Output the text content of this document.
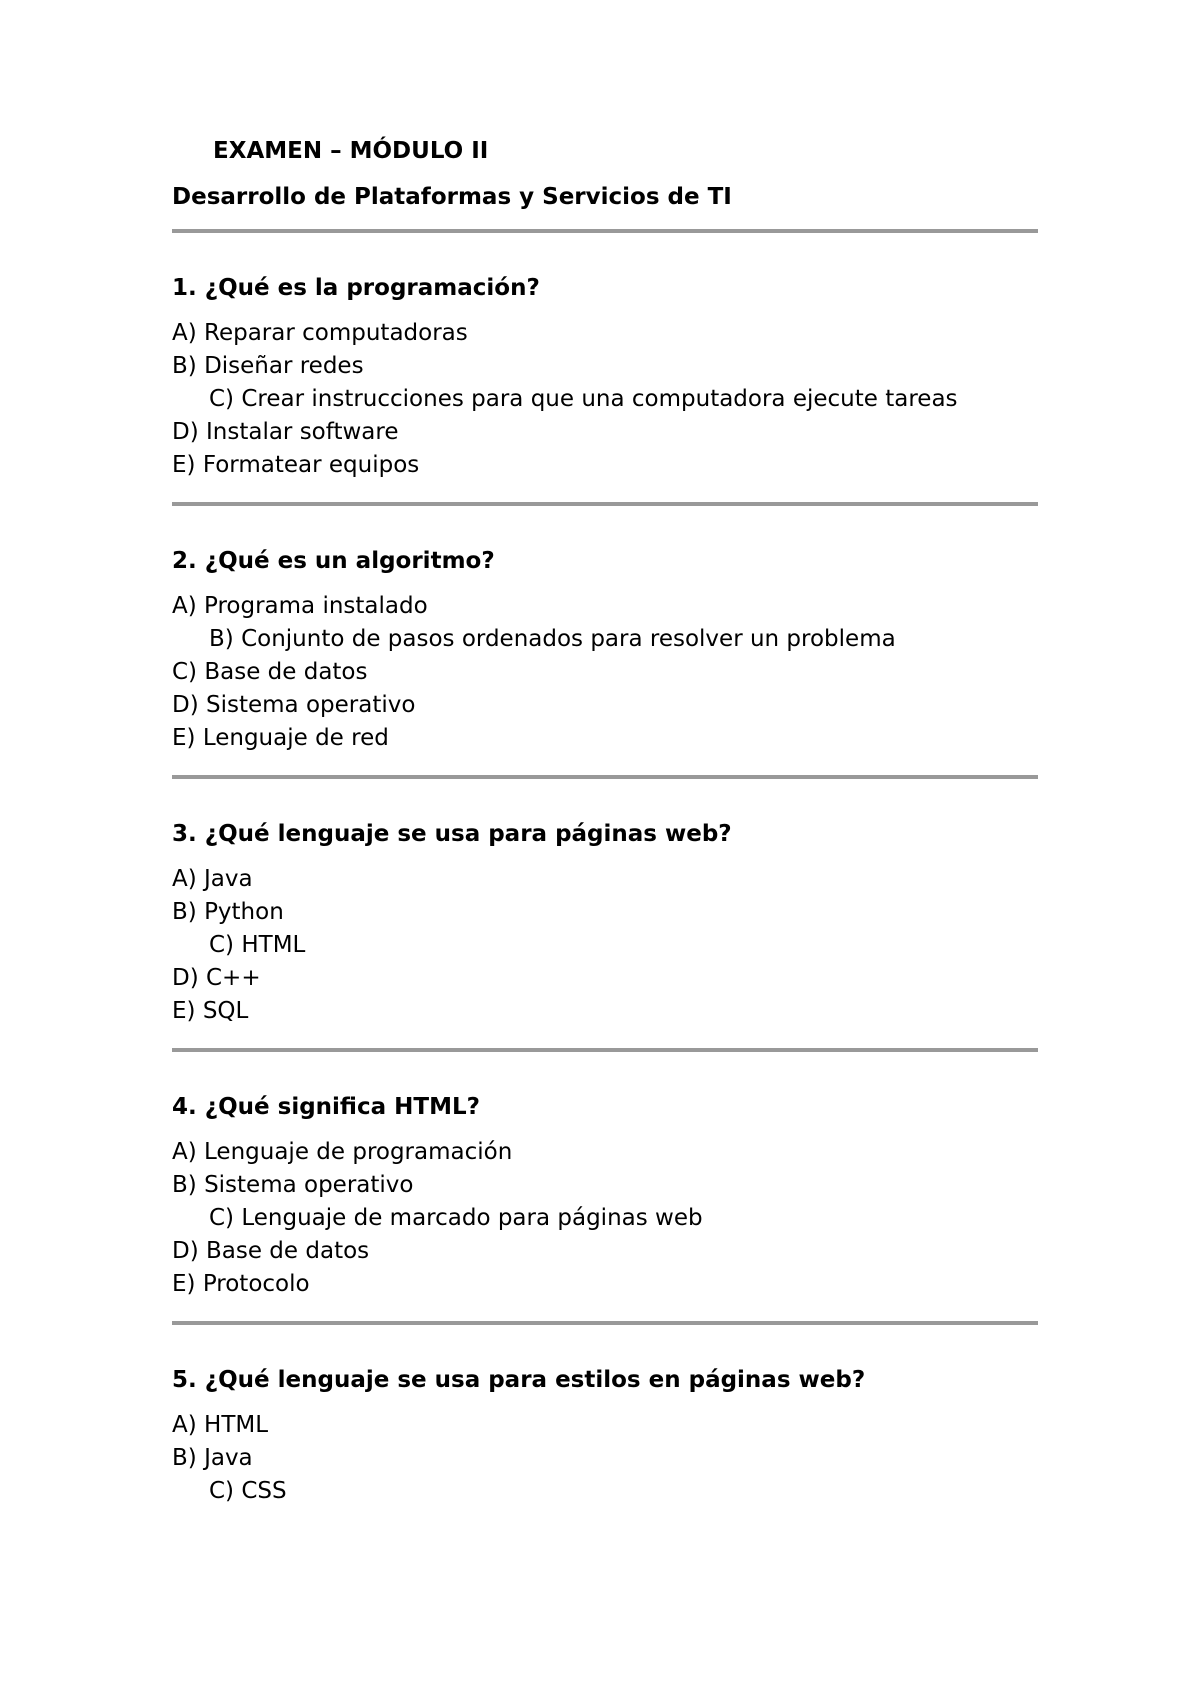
EXAMEN – MÓDULO II
Desarrollo de Plataformas y Servicios de TI
1. ¿Qué es la programación?
A) Reparar computadoras
B) Diseñar redes
C) Crear instrucciones para que una computadora ejecute tareas
D) Instalar software
E) Formatear equipos
2. ¿Qué es un algoritmo?
A) Programa instalado
B) Conjunto de pasos ordenados para resolver un problema
C) Base de datos
D) Sistema operativo
E) Lenguaje de red
3. ¿Qué lenguaje se usa para páginas web?
A) Java
B) Python
C) HTML
D) C++
E) SQL
4. ¿Qué significa HTML?
A) Lenguaje de programación
B) Sistema operativo
C) Lenguaje de marcado para páginas web
D) Base de datos
E) Protocolo
5. ¿Qué lenguaje se usa para estilos en páginas web?
A) HTML
B) Java
C) CSS
